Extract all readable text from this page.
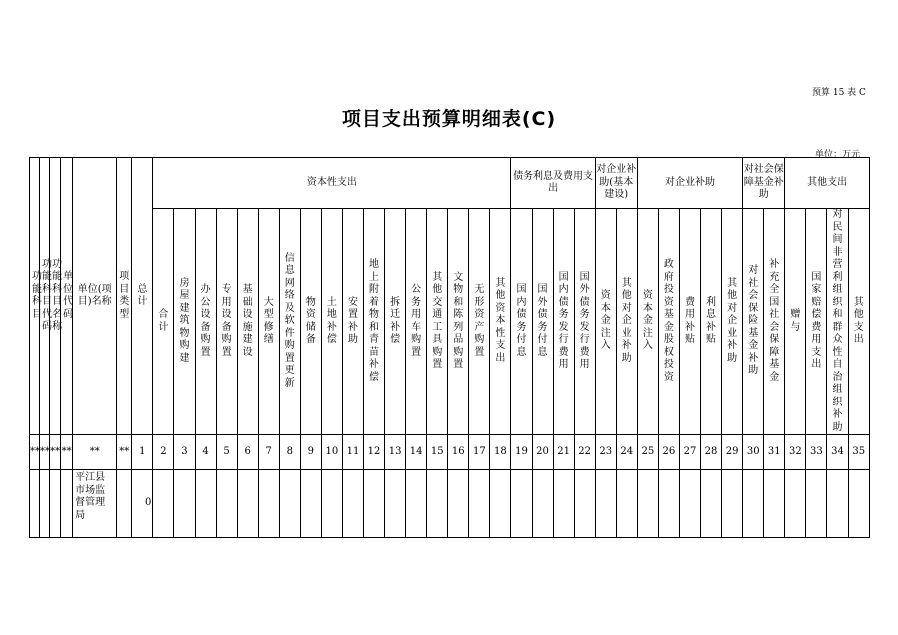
预算 15 表 C
项目支出预算明细表(C)
单位：万元
功能科目	功能科目代码	功能科目名称	单位代码	单位(项目)名称	项目类型	总计	资本性支出																	债务利息及费用支出				对企业补助(基本建设)		对企业补助					对社会保障基金补助		其他支出			
							合计	房屋建筑物购建	办公设备购置	专用设备购置	基础设施建设	大型修缮	信息网络及软件购置更新	物资储备	土地补偿	安置补助	地上附着物和青苗补偿	拆迁补偿	公务用车购置	其他交通工具购置	文物和陈列品购置	无形资产购置	其他资本性支出	国内债务付息	国外债务付息	国内债务发行费用	国外债务发行费用	资本金注入	其他对企业补助	资本金注入	政府投资基金股权投资	费用补贴	利息补贴	其他对企业补助	对社会保险基金补助	补充全国社会保障基金	赠与	国家赔偿费用支出	对民间非营利组织和群众性自治组织补助	其他支出
**	**	**	**	**	**	1	2	3	4	5	6	7	8	9	10	11	12	13	14	15	16	17	18	19	20	21	22	23	24	25	26	27	28	29	30	31	32	33	34	35
				平江县市场监督管理局		0																																		
